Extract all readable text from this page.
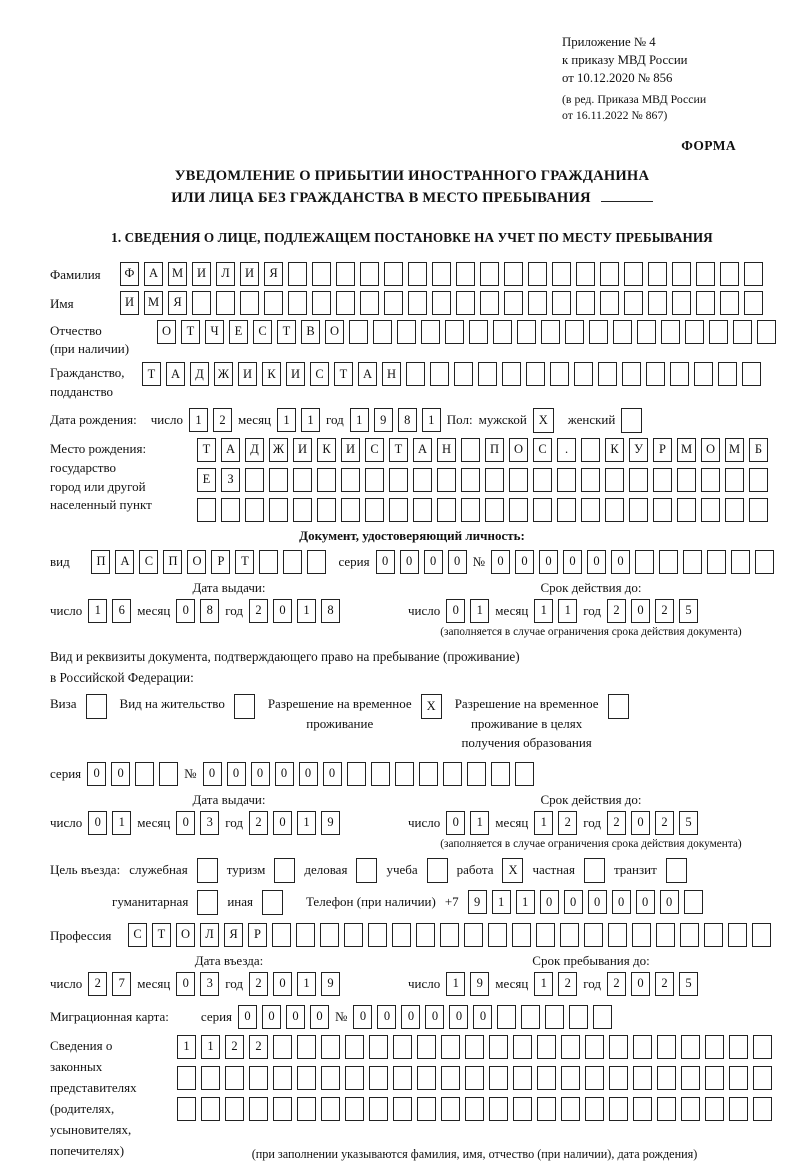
Приложение № 4
к приказу МВД России
от 10.12.2020 № 856
(в ред. Приказа МВД России
от 16.11.2022 № 867)
ФОРМА
УВЕДОМЛЕНИЕ О ПРИБЫТИИ ИНОСТРАННОГО ГРАЖДАНИНА
ИЛИ ЛИЦА БЕЗ ГРАЖДАНСТВА В МЕСТО ПРЕБЫВАНИЯ
1. СВЕДЕНИЯ О ЛИЦЕ, ПОДЛЕЖАЩЕМ ПОСТАНОВКЕ НА УЧЕТ ПО МЕСТУ ПРЕБЫВАНИЯ
Фамилия	Ф	А	М	И	Л	И	Я
Имя	И	М	Я
Отчество
(при наличии)
О	Т	Ч	Е	С	Т	В	О
Гражданство,
подданство
Т	А	Д	Ж	И	К	И	С	Т	А	Н
Дата рождения: число 1	2 месяц 1	1 год 1	9	8	1 Пол: мужской X	женский
Место рождения:
государство
город или другой
населенный пункт
Т	А	Д	Ж	И	К	И	С	Т	А	Н	П	О	С	.	К	У	Р	М	О	М	Б
Е	З
Документ, удостоверяющий личность:
вид	П	А	С	П	О	Р	Т	серия 0	0	0	0 № 0	0	0	0	0	0
Дата выдачи:
число 1	6 месяц 0	8 год 2	0	1	8
Срок действия до:
число 0	1 месяц 1	1 год 2	0	2	5
(заполняется в случае ограничения срока действия документа)
Вид и реквизиты документа, подтверждающего право на пребывание (проживание)
в Российской Федерации:
Виза	Вид на жительство	Разрешение на временное
проживание
X	Разрешение на временное
проживание в целях
получения образования
серия 0	0	№ 0	0	0	0	0	0
Дата выдачи:
число 0	1 месяц 0	3 год 2	0	1	9
Срок действия до:
число 0	1 месяц 1	2 год 2	0	2	5
(заполняется в случае ограничения срока действия документа)
Цель въезда: служебная	туризм	деловая	учеба	работа	X	частная	транзит
гуманитарная	иная	Телефон (при наличии) +7	9	1	1	0	0	0	0	0	0
Профессия	С	Т	О	Л	Я	Р
Дата въезда:
число 2	7 месяц 0	3 год 2	0	1	9
Срок пребывания до:
число 1	9 месяц 1	2 год 2	0	2	5
Миграционная карта: серия 0	0	0	0 № 0	0	0	0	0	0
Сведения о
законных
представителях
(родителях,
усыновителях,
попечителях)
1	1	2	2
(при заполнении указываются фамилия, имя, отчество (при наличии), дата рождения)
